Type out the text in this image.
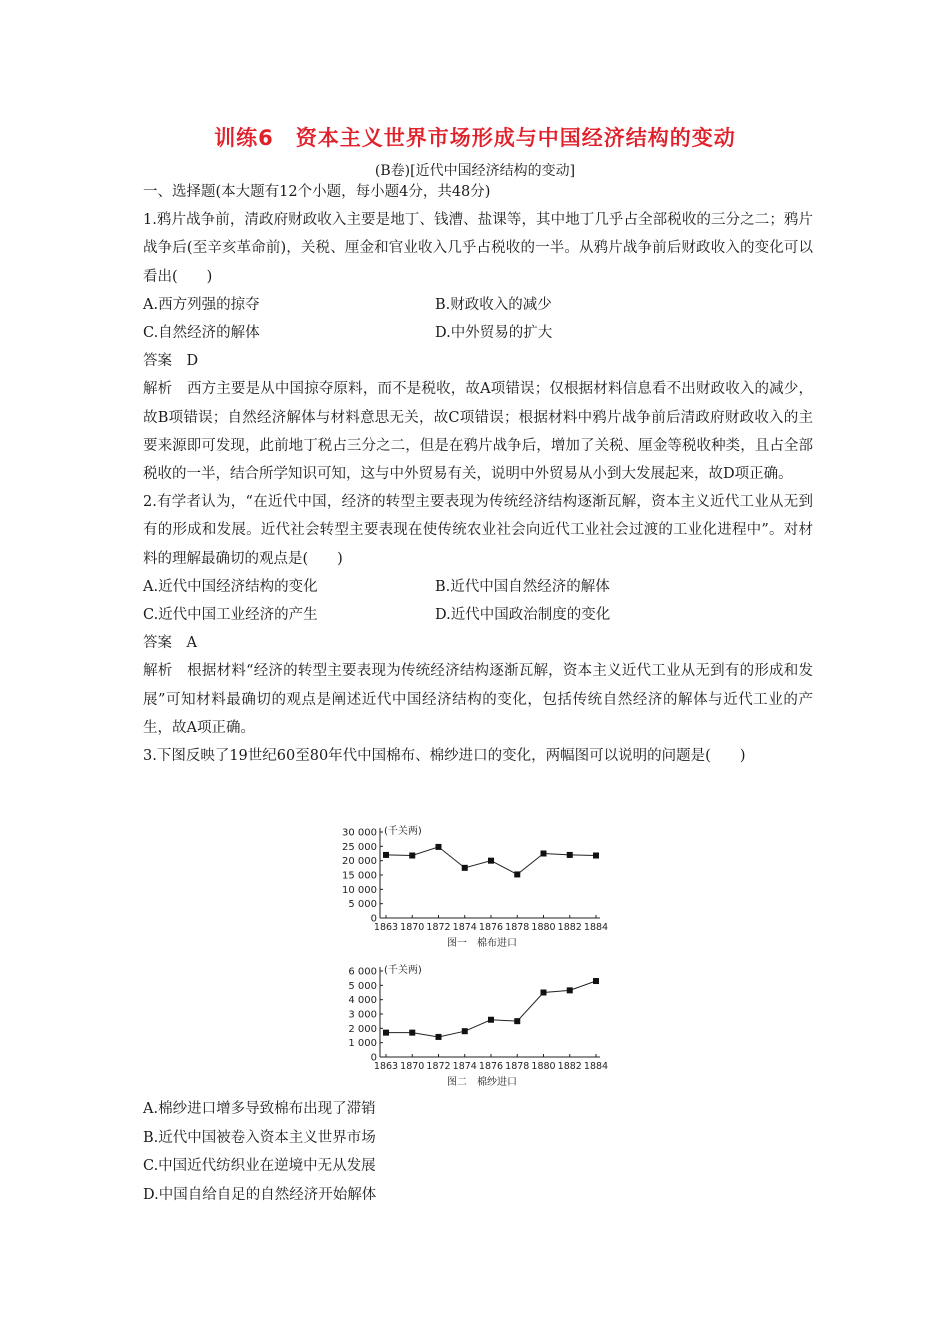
训练6　资本主义世界市场形成与中国经济结构的变动
(B卷)[近代中国经济结构的变动]
一、选择题(本大题有12个小题，每小题4分，共48分)
1.鸦片战争前，清政府财政收入主要是地丁、钱漕、盐课等，其中地丁几乎占全部税收的三分之二；鸦片战争后(至辛亥革命前)，关税、厘金和官业收入几乎占税收的一半。从鸦片战争前后财政收入的变化可以看出(　　)
A.西方列强的掠夺	B.财政收入的减少
C.自然经济的解体	D.中外贸易的扩大
答案　D
解析　西方主要是从中国掠夺原料，而不是税收，故A项错误；仅根据材料信息看不出财政收入的减少，故B项错误；自然经济解体与材料意思无关，故C项错误；根据材料中鸦片战争前后清政府财政收入的主要来源即可发现，此前地丁税占三分之二，但是在鸦片战争后，增加了关税、厘金等税收种类，且占全部税收的一半，结合所学知识可知，这与中外贸易有关，说明中外贸易从小到大发展起来，故D项正确。
2.有学者认为，“在近代中国，经济的转型主要表现为传统经济结构逐渐瓦解，资本主义近代工业从无到有的形成和发展。近代社会转型主要表现在使传统农业社会向近代工业社会过渡的工业化进程中”。对材料的理解最确切的观点是(　　)
A.近代中国经济结构的变化	B.近代中国自然经济的解体
C.近代中国工业经济的产生	D.近代中国政治制度的变化
答案　A
解析　根据材料“经济的转型主要表现为传统经济结构逐渐瓦解，资本主义近代工业从无到有的形成和发展”可知材料最确切的观点是阐述近代中国经济结构的变化，包括传统自然经济的解体与近代工业的产生，故A项正确。
3.下图反映了19世纪60至80年代中国棉布、棉纱进口的变化，两幅图可以说明的问题是(　　)
0
5 000
10 000
15 000
20 000
25 000
30 000 (千关两)
1863 1870 1872 1874 1876 1878 1880 1882 1884
图一　棉布进口
0
1 000
2 000
3 000
4 000
5 000
6 000 (千关两)
1863 1870 1872 1874 1876 1878 1880 1882 1884
图二　棉纱进口
A.棉纱进口增多导致棉布出现了滞销
B.近代中国被卷入资本主义世界市场
C.中国近代纺织业在逆境中无从发展
D.中国自给自足的自然经济开始解体
